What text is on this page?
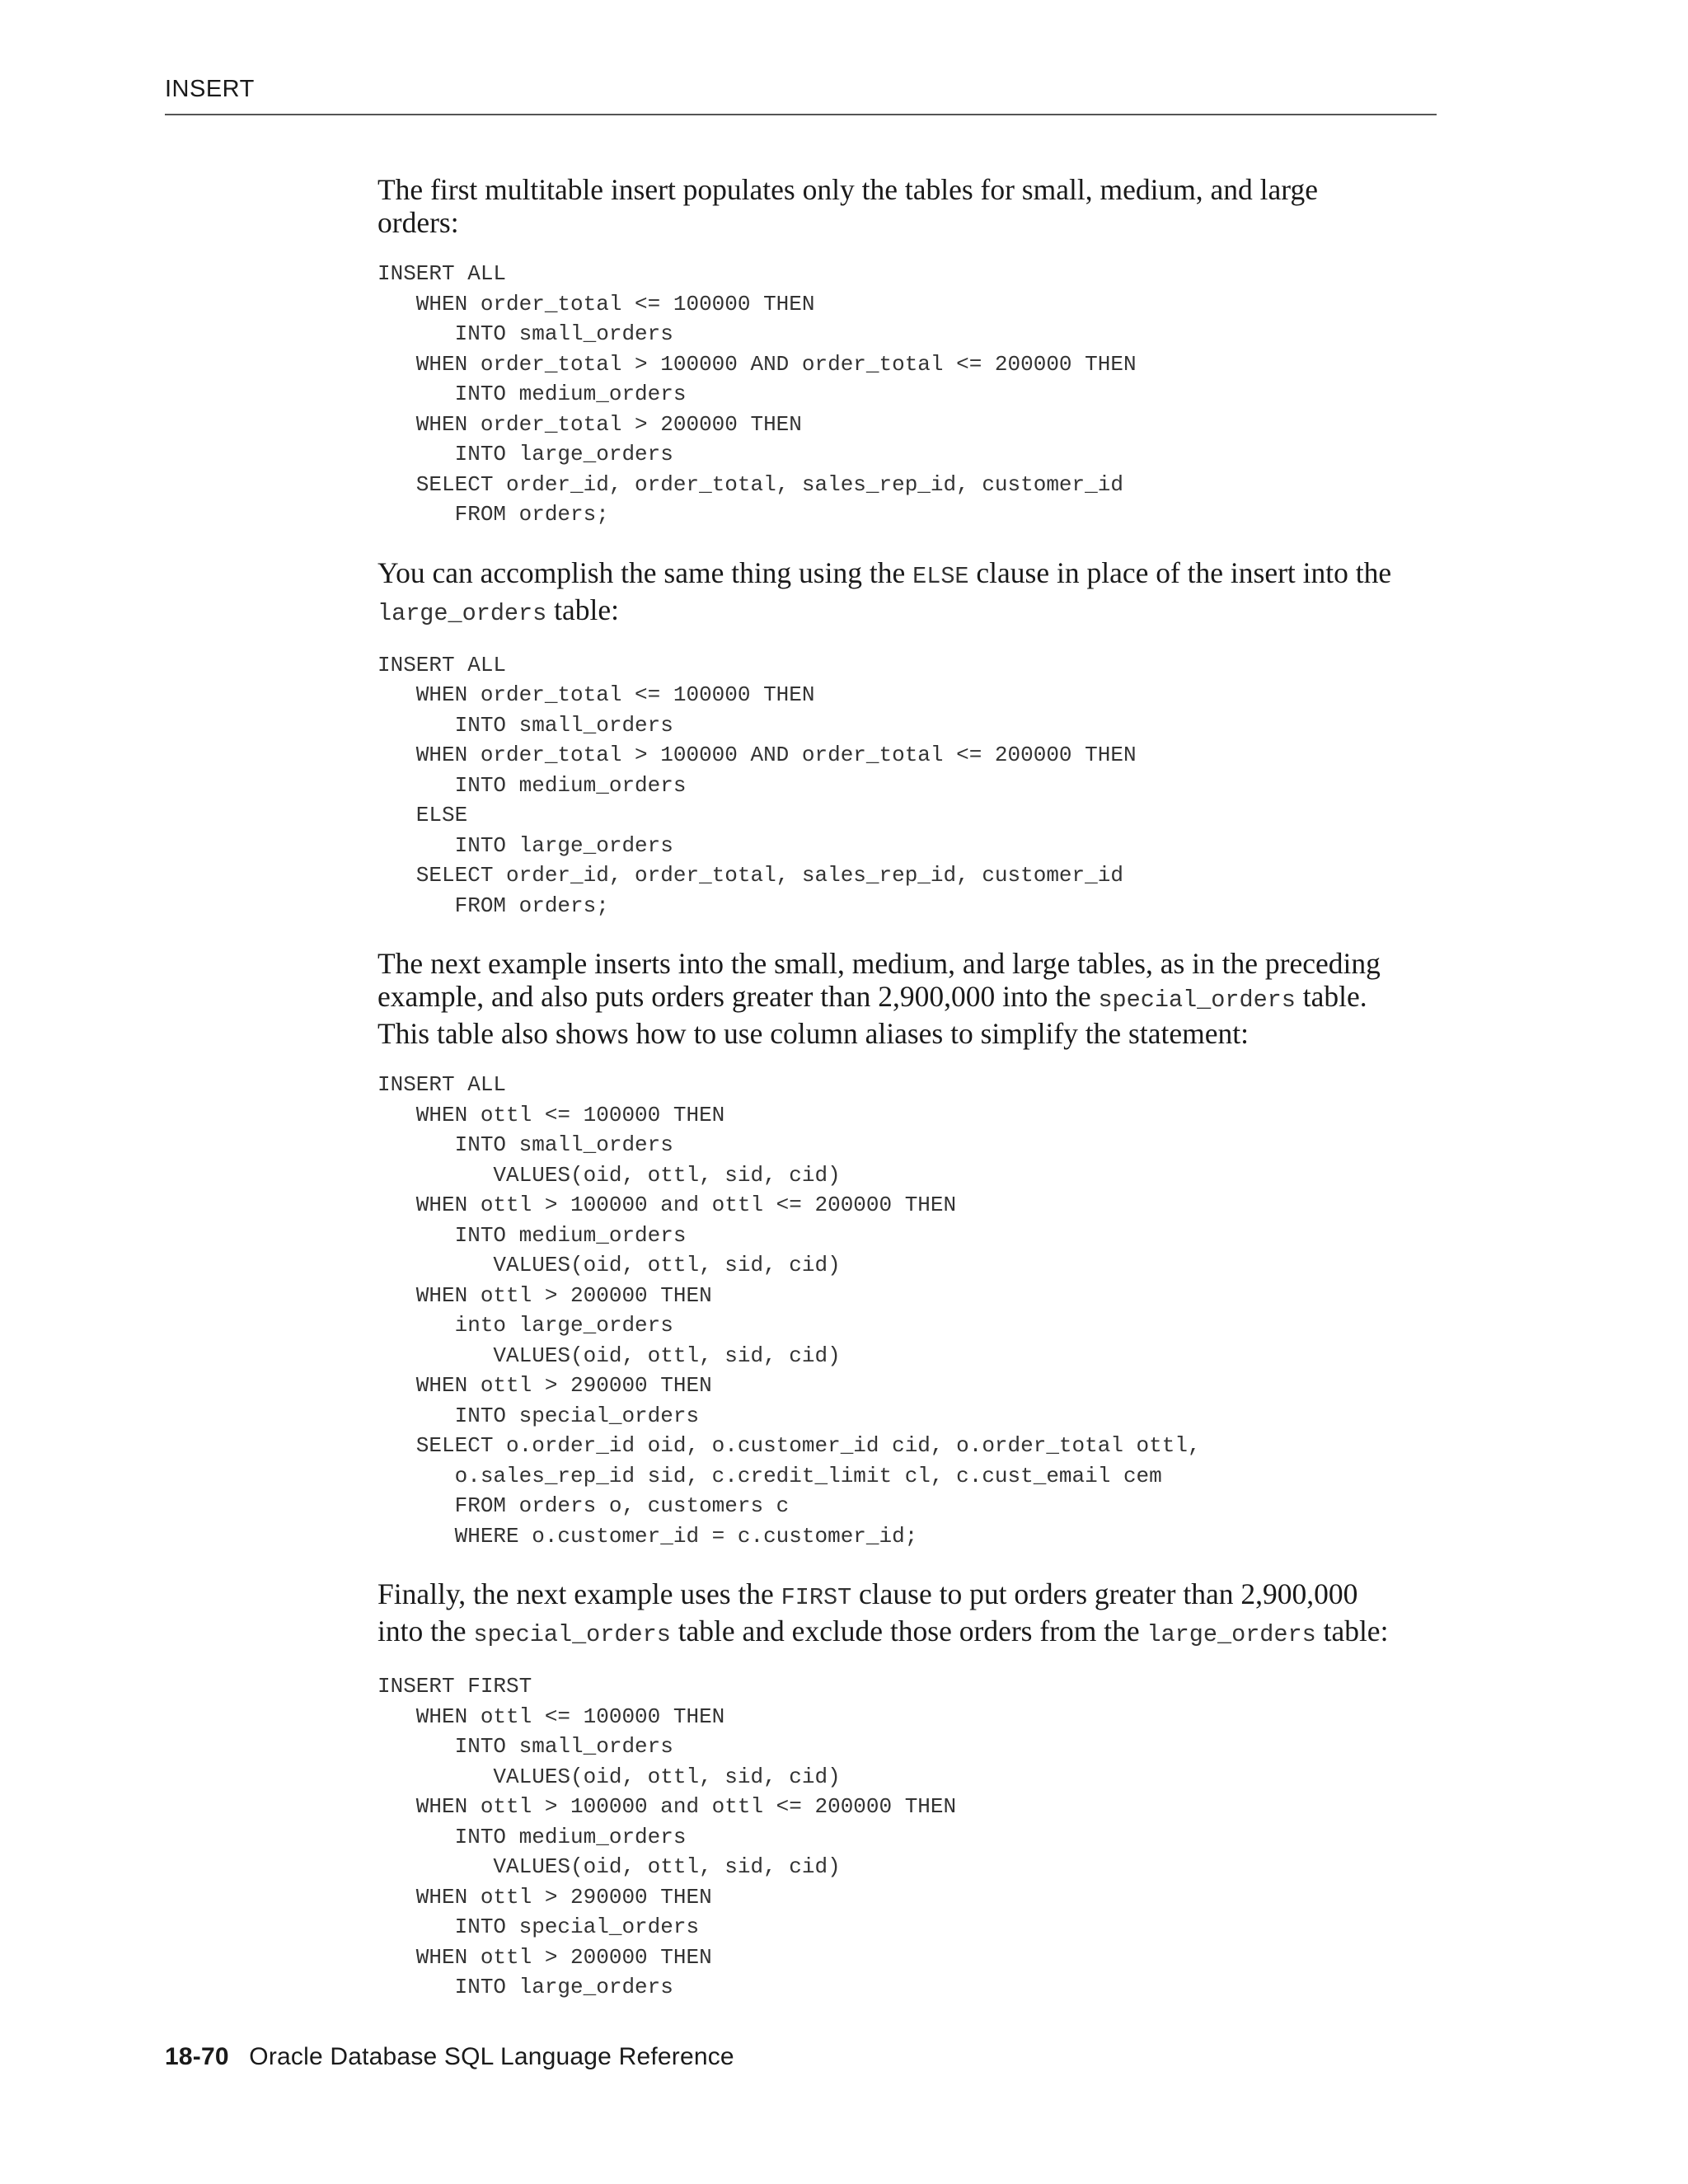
INSERT
The first multitable insert populates only the tables for small, medium, and large
orders:
INSERT ALL
WHEN order_total <= 100000 THEN
INTO small_orders
WHEN order_total > 100000 AND order_total <= 200000 THEN
INTO medium_orders
WHEN order_total > 200000 THEN
INTO large_orders
SELECT order_id, order_total, sales_rep_id, customer_id
FROM orders;
You can accomplish the same thing using the ELSE clause in place of the insert into the
large_orders table:
INSERT ALL
WHEN order_total <= 100000 THEN
INTO small_orders
WHEN order_total > 100000 AND order_total <= 200000 THEN
INTO medium_orders
ELSE
INTO large_orders
SELECT order_id, order_total, sales_rep_id, customer_id
FROM orders;
The next example inserts into the small, medium, and large tables, as in the preceding
example, and also puts orders greater than 2,900,000 into the special_orders table.
This table also shows how to use column aliases to simplify the statement:
INSERT ALL
WHEN ottl <= 100000 THEN
INTO small_orders
VALUES(oid, ottl, sid, cid)
WHEN ottl > 100000 and ottl <= 200000 THEN
INTO medium_orders
VALUES(oid, ottl, sid, cid)
WHEN ottl > 200000 THEN
into large_orders
VALUES(oid, ottl, sid, cid)
WHEN ottl > 290000 THEN
INTO special_orders
SELECT o.order_id oid, o.customer_id cid, o.order_total ottl,
o.sales_rep_id sid, c.credit_limit cl, c.cust_email cem
FROM orders o, customers c
WHERE o.customer_id = c.customer_id;
Finally, the next example uses the FIRST clause to put orders greater than 2,900,000
into the special_orders table and exclude those orders from the large_orders table:
INSERT FIRST
WHEN ottl <= 100000 THEN
INTO small_orders
VALUES(oid, ottl, sid, cid)
WHEN ottl > 100000 and ottl <= 200000 THEN
INTO medium_orders
VALUES(oid, ottl, sid, cid)
WHEN ottl > 290000 THEN
INTO special_orders
WHEN ottl > 200000 THEN
INTO large_orders
18-70 Oracle Database SQL Language Reference
